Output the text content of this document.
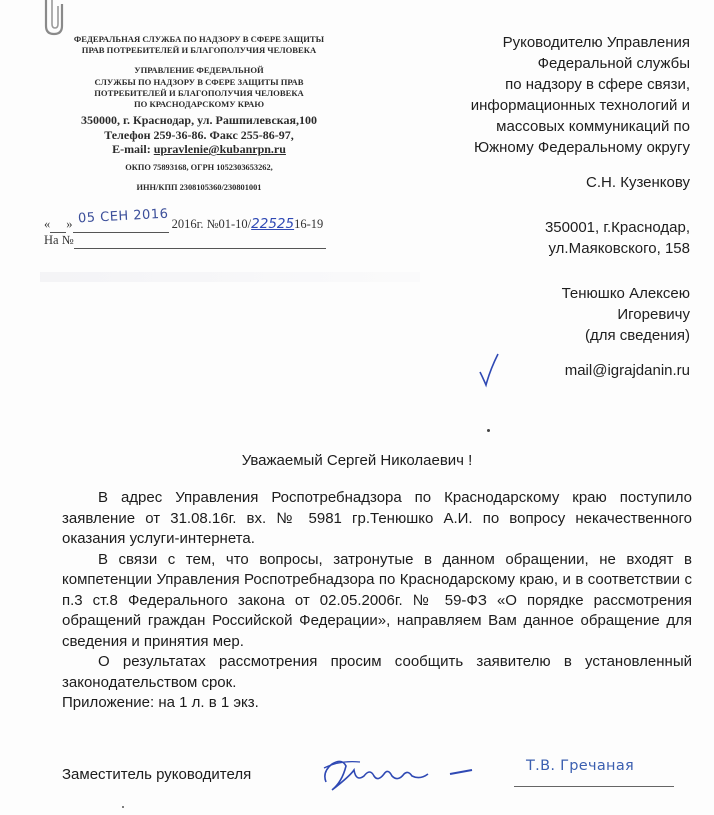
ФЕДЕРАЛЬНАЯ СЛУЖБА ПО НАДЗОРУ В СФЕРЕ ЗАЩИТЫ
ПРАВ ПОТРЕБИТЕЛЕЙ И БЛАГОПОЛУЧИЯ ЧЕЛОВЕКА
УПРАВЛЕНИЕ ФЕДЕРАЛЬНОЙ
СЛУЖБЫ ПО НАДЗОРУ В СФЕРЕ ЗАЩИТЫ ПРАВ
ПОТРЕБИТЕЛЕЙ И БЛАГОПОЛУЧИЯ ЧЕЛОВЕКА
ПО КРАСНОДАРСКОМУ КРАЮ
350000, г. Краснодар, ул. Рашпилевская,100
Телефон 259-36-86. Факс 255-86-97,
E-mail: upravlenie@kubanrpn.ru
ОКПО 75893168, ОГРН 1052303653262,
ИНН/КПП 2308105360/230801001
« » 05 СЕН 2016 2016г. №01-10/2252516-19
На №
Руководителю Управления
Федеральной службы
по надзору в сфере связи,
информационных технологий и
массовых коммуникаций по
Южному Федеральному округу
С.Н. Кузенкову
350001, г.Краснодар,
ул.Маяковского, 158
Тенюшко Алексею
Игоревичу
(для сведения)
mail@igrajdanin.ru
Уважаемый Сергей Николаевич !

В адрес Управления Роспотребнадзора по Краснодарскому краю поступило заявление от 31.08.16г. вх. № 5981 гр.Тенюшко А.И. по вопросу некачественного оказания услуги-интернета.

В связи с тем, что вопросы, затронутые в данном обращении, не входят в компетенции Управления Роспотребнадзора по Краснодарскому краю, и в соответствии с п.3 ст.8 Федерального закона от 02.05.2006г. № 59-ФЗ «О порядке рассмотрения обращений граждан Российской Федерации», направляем Вам данное обращение для сведения и принятия мер.

О результатах рассмотрения просим сообщить заявителю в установленный законодательством срок.

Приложение: на 1 л. в 1 экз.

Заместитель руководителя	Т.В. Гречаная
